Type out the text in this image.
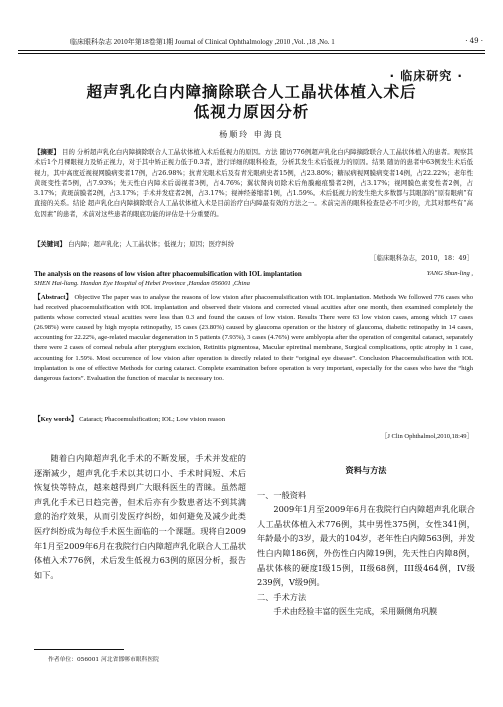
临床眼科杂志 2010年第18卷第1期 Journal of Clinical Ophthalmology ,2010 ,Vol. ,18 ,No. 1	· 49 ·
· 临床研究 ·
超声乳化白内障摘除联合人工晶状体植入术后
低视力原因分析
杨顺玲 申海良
【摘要】 目的 分析超声乳化白内障摘除联合人工晶状体植入术后低视力的原因。方法 随访776例超声乳化白内障摘除联合人工晶状体植入的患者。观察其术后1个月裸眼视力及矫正视力，对于其中矫正视力低于0.3者，进行详细的眼科检查，分析其发生术后低视力的原因。结果 随访的患者中63例发生术后低视力，其中高度近视视网膜病变者17例，占26.98%；抗青光眼术后及有青光眼病史者15例，占23.80%；糖尿病视网膜病变者14例，占22.22%；老年性黄斑变性者5例，占7.93%；先天性白内障术后弱视者3例，占4.76%；翼状胬肉切除术后角膜瘢痕翳者2例，占3.17%；视网膜色素变性者2例，占3.17%；黄斑前膜者2例，占3.17%；手术并发症者2例，占3.17%；视神经萎缩者1例，占1.59%。术后低视力的发生绝大多数都与其眼部的“原有眼病”有直接的关系。结论 超声乳化白内障摘除联合人工晶状体植入术是目前治疗白内障最有效的方法之一。术前完善的眼科检查是必不可少的，尤其对那些有“高危因素”的患者，术前对这些患者的眼底功能的评估是十分重要的。
【关键词】 白内障；超声乳化；人工晶状体；低视力；原因；医疗纠纷
［临床眼科杂志，2010，18：49］
The analysis on the reasons of low vision after phacoemulsification with IOL implantation	YANG Shun-ling ,
SHEN Hai-liang. Handan Eye Hospital of Hebei Province ,Handan 056001 ,China
【Abstract】 Objective The paper was to analyse the reasons of low vision after phacoemulsification with IOL implantation. Methods We followed 776 cases who had received phacoemulsification with IOL implantation and observed their visions and corrected visual acuities after one month, then examined completely the patients whose corrected visual acuities were less than 0.3 and found the causes of low vision. Results There were 63 low vision cases, among which 17 cases (26.98%) were caused by high myopia retinopathy, 15 cases (23.80%) caused by glaucoma operation or the history of glaucoma, diabetic retinopathy in 14 cases, accounting for 22.22%, age-related macular degeneration in 5 patients (7.93%), 3 cases (4.76%) were amblyopia after the operation of congenital cataract, separately there were 2 cases of corneal nebula after pterygium excision, Retinitis pigmentosa, Macular epiretinal membrane, Surgical complications, optic atrophy in 1 case, accounting for 1.59%. Most occurrence of low vision after operation is directly related to their “original eye disease”. Conclusion Phacoemulsification with IOL implantation is one of effective Methods for curing cataract. Complete examination before operation is very important, especially for the cases who have the “high dangerous factors”. Evaluation the function of macular is necessary too.
【Key words】 Cataract; Phacoemulsification; IOL; Low vision reason
［J Clin Ophthalmol,2010,18:49］
随着白内障超声乳化手术的不断发展，手术并发症的逐渐减少，超声乳化手术以其切口小、手术时间短、术后恢复快等特点，越来越得到广大眼科医生的青睐。虽然超声乳化手术已日趋完善，但术后亦有少数患者达不到其满意的治疗效果，从而引发医疗纠纷，如何避免及减少此类医疗纠纷成为每位手术医生面临的一个课题。现将自2009年1月至2009年6月在我院行白内障超声乳化联合人工晶状体植入术776例，术后发生低视力63例的原因分析，报告如下。
资料与方法
一、一般资料

2009年1月至2009年6月在我院行白内障超声乳化联合人工晶状体植入术776例，其中男性375例，女性341例，年龄最小的3岁，最大的104岁，老年性白内障563例，并发性白内障186例，外伤性白内障19例，先天性白内障8例，晶状体核的硬度I级15例，II级68例，III级464例，IV级239例，V级9例。

二、手术方法

手术由经验丰富的医生完成，采用颞侧角巩膜

作者单位：056001 河北省邯郸市眼科医院
